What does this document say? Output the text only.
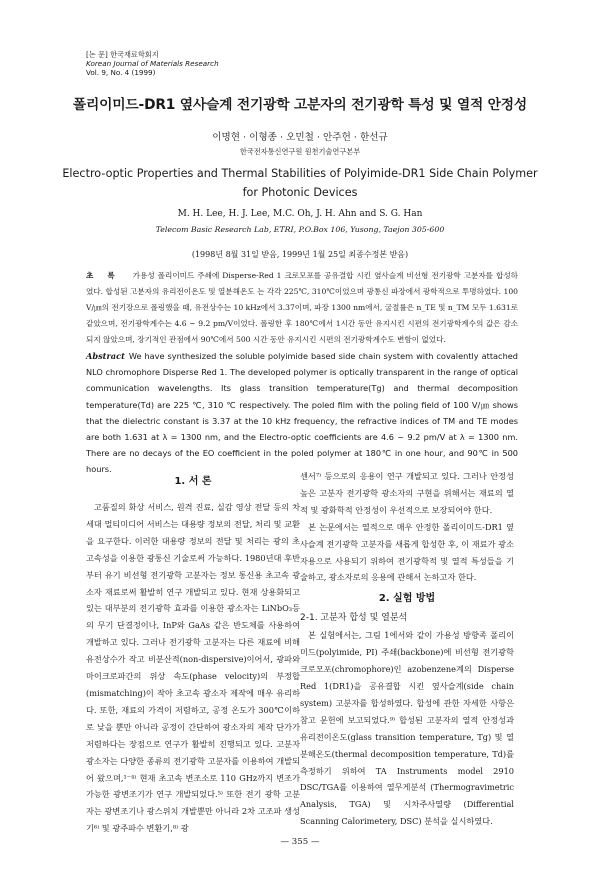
[논 문] 한국재료학회지
Korean Journal of Materials Research
Vol. 9, No. 4 (1999)
폴리이미드-DR1 옆사슬계 전기광학 고분자의 전기광학 특성 및 열적 안정성
이명현 · 이형종 · 오민철 · 안주헌 · 한선규
한국전자통신연구원 원천기술연구본부
Electro-optic Properties and Thermal Stabilities of Polyimide-DR1 Side Chain Polymer
for Photonic Devices
M. H. Lee, H. J. Lee, M.C. Oh, J. H. Ahn and S. G. Han
Telecom Basic Research Lab, ETRI, P.O.Box 106, Yusong, Taejon 305-600
(1998년 8월 31일 받음, 1999년 1월 25일 최종수정본 받음)
초록 가용성 폴리이미드 주쇄에 Disperse-Red 1 크로모포를 공유결합 시킨 옆사슬계 비선형 전기광학 고분자를 합성하였다. 합성된 고분자의 유리전이온도 및 열분해온도 는 각각 225℃, 310℃이었으며 광통신 파장에서 광학적으로 투명하였다. 100 V/㎛의 전기장으로 폴링했을 때, 유전상수는 10 kHz에서 3.37이며, 파장 1300 nm에서, 굴절률은 n_TE 및 n_TM 모두 1.631로 같았으며, 전기광학계수는 4.6 ~ 9.2 pm/V이었다. 폴링한 후 180℃에서 1시간 동안 유지시킨 시편의 전기광학계수의 값은 감소되지 않았으며, 장기적인 관점에서 90℃에서 500 시간 동안 유지시킨 시편의 전기광학계수도 변함이 없었다.
Abstract We have synthesized the soluble polyimide based side chain system with covalently attached NLO chromophore Disperse Red 1. The developed polymer is optically transparent in the range of optical communication wavelengths. Its glass transition temperature(Tg) and thermal decomposition temperature(Td) are 225 ℃, 310 ℃ respectively. The poled film with the poling field of 100 V/㎛ shows that the dielectric constant is 3.37 at the 10 kHz frequency, the refractive indices of TM and TE modes are both 1.631 at λ = 1300 nm, and the Electro-optic coefficients are 4.6 ~ 9.2 pm/V at λ = 1300 nm. There are no decays of the EO coefficient in the poled polymer at 180℃ in one hour, and 90℃ in 500 hours.
1. 서 론

고품질의 화상 서비스, 원격 진료, 실감 영상 전달 등의 차세대 멀티미디어 서비스는 대용량 정보의 전달, 처리 및 교환을 요구한다. 이러한 대용량 정보의 전달 및 처리는 광의 초고속성을 이용한 광통신 기술로써 가능하다. 1980년대 후반부터 유기 비선형 전기광학 고분자는 정보 통신용 초고속 광소자 재료로써 활발히 연구 개발되고 있다. 현재 상용화되고 있는 대부분의 전기광학 효과를 이용한 광소자는 LiNbO₃등의 무기 단결정이나, InP와 GaAs 같은 반도체를 사용하여 개발하고 있다. 그러나 전기광학 고분자는 다른 재료에 비해 유전상수가 작고 비분산적(non-dispersive)이어서, 광파와 마이크로파간의 위상 속도(phase velocity)의 부정합(mismatching)이 작아 초고속 광소자 제작에 매우 유리하다. 또한, 재료의 가격이 저렴하고, 공정 온도가 300℃이하로 낮을 뿐만 아니라 공정이 간단하여 광소자의 제작 단가가 저렴하다는 장점으로 연구가 활발히 진행되고 있다. 고분자 광소자는 다양한 종류의 전기광학 고분자를 이용하여 개발되어 왔으며,¹⁻⁴⁾ 현재 초고속 변조소로 110 GHz까지 변조가 가능한 광변조기가 연구 개발되었다.⁵⁾ 또한 전기 광학 고분자는 광변조기나 광스위치 개발뿐만 아니라 2차 고조파 생성기⁶⁾ 및 광주파수 변환기,⁸⁾ 광

센서⁷⁾ 등으로의 응용이 연구 개발되고 있다. 그러나 안정성 높은 고분자 전기광학 광소자의 구현을 위해서는 재료의 열적 및 광화학적 안정성이 우선적으로 보장되어야 한다.

본 논문에서는 열적으로 매우 안정한 폴리이미드-DR1 옆사슬계 전기광학 고분자를 새롭게 합성한 후, 이 재료가 광소자용으로 사용되기 위하여 전기광학적 및 열적 특성들을 기술하고, 광소자로의 응용에 관해서 논하고자 한다.

2. 실험 방법
2-1. 고분자 합성 및 열분석

본 실험에서는, 그림 1에서와 같이 가용성 방향족 폴리이미드(polyimide, PI) 주쇄(backbone)에 비선형 전기광학 크로모포(chromophore)인 azobenzene계의 Disperse Red 1(DR1)을 공유결합 시킨 옆사슬계(side chain system) 고분자를 합성하였다. 합성에 관한 자세한 사항은 참고 문헌에 보고되었다.⁹⁾ 합성된 고분자의 열적 안정성과 유리전이온도(glass transition temperature, Tg) 및 열분해온도(thermal decomposition temperature, Td)를 측정하기 위하여 TA Instruments model 2910 DSC/TGA를 이용하여 열무게분석 (Thermogravimetric Analysis, TGA) 및 시차주사열량 (Differential Scanning Calorimetery, DSC) 분석을 실시하였다.

— 355 —
